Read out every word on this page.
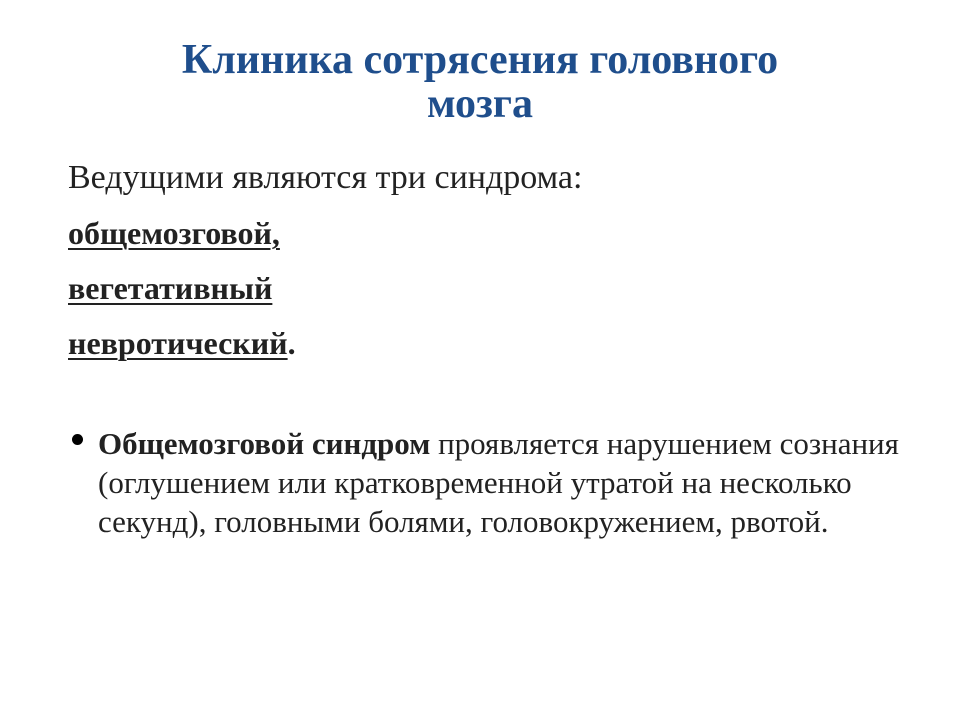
Клиника сотрясения головного
мозга
Ведущими являются три синдрома:
общемозговой,
вегетативный
невротический.
Общемозговой синдром проявляется нарушением сознания (оглушением или кратковременной утратой на несколько секунд), головными болями, головокружением, рвотой.
